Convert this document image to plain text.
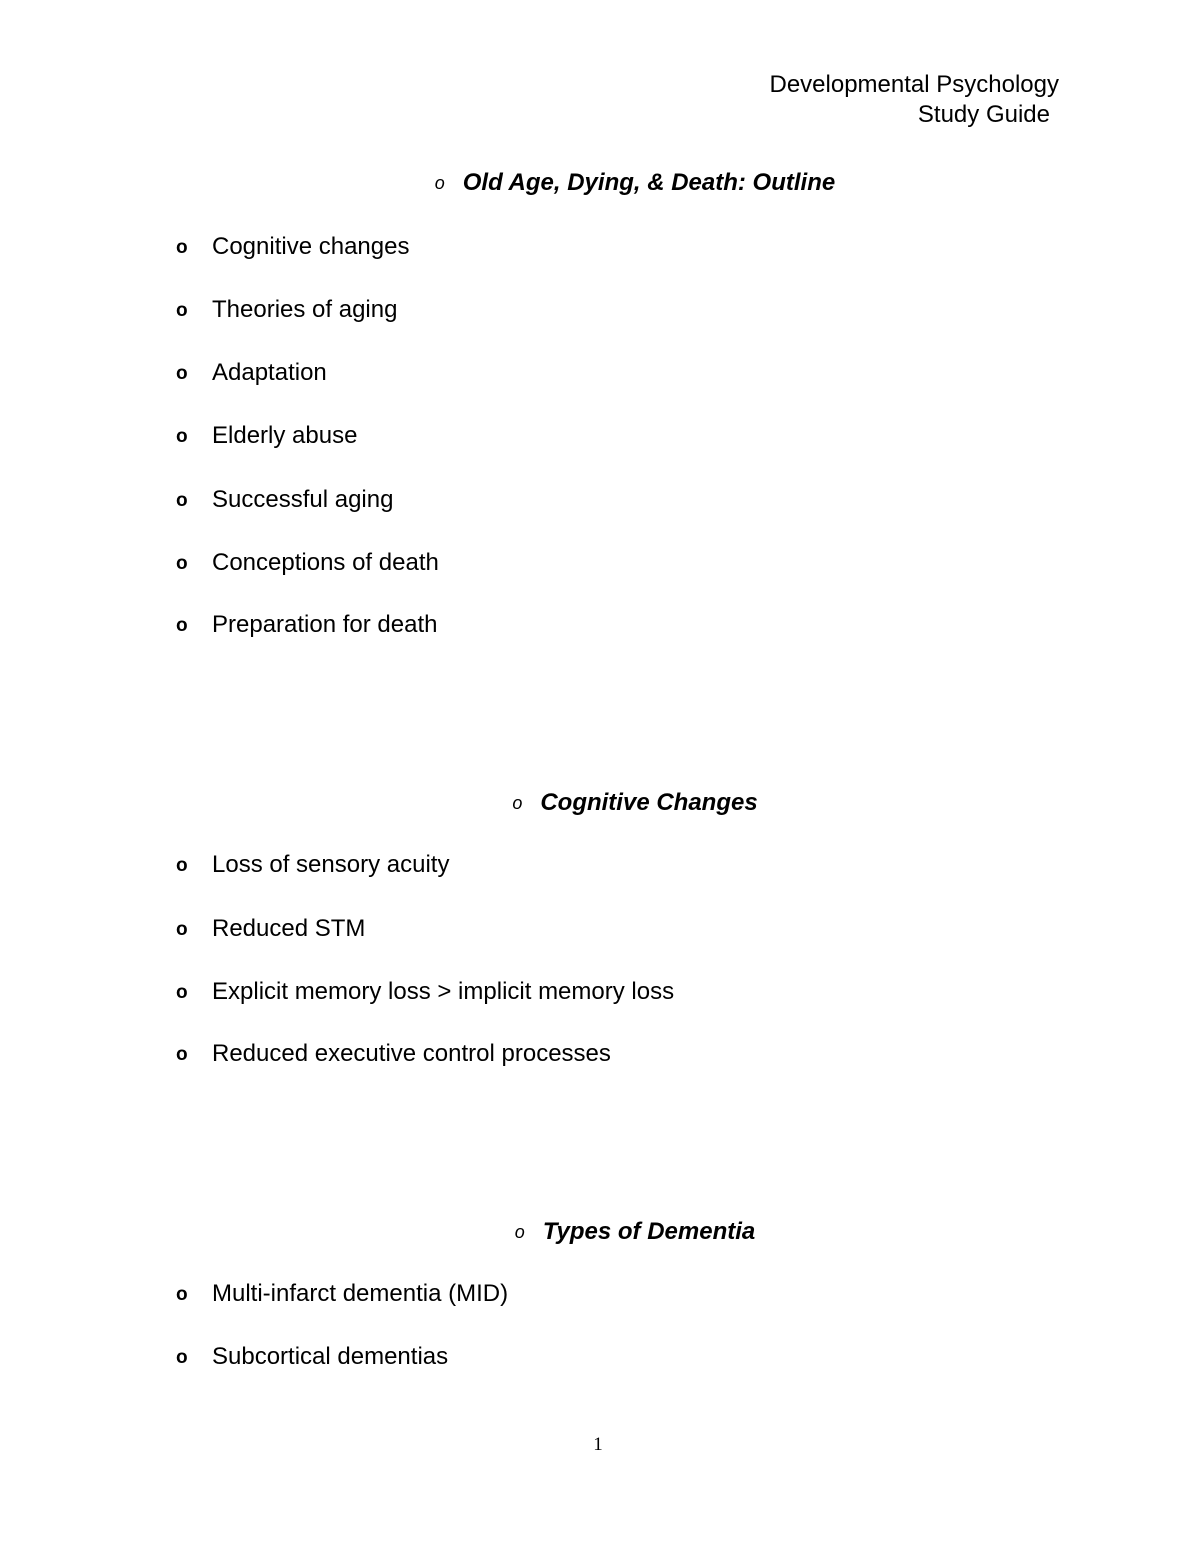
Developmental Psychology
Study Guide
o Old Age, Dying, & Death: Outline
o Cognitive changes
o Theories of aging
o Adaptation
o Elderly abuse
o Successful aging
o Conceptions of death
o Preparation for death
o Cognitive Changes
o Loss of sensory acuity
o Reduced STM
o Explicit memory loss > implicit memory loss
o Reduced executive control processes
o Types of Dementia
o Multi-infarct dementia (MID)
o Subcortical dementias
1
